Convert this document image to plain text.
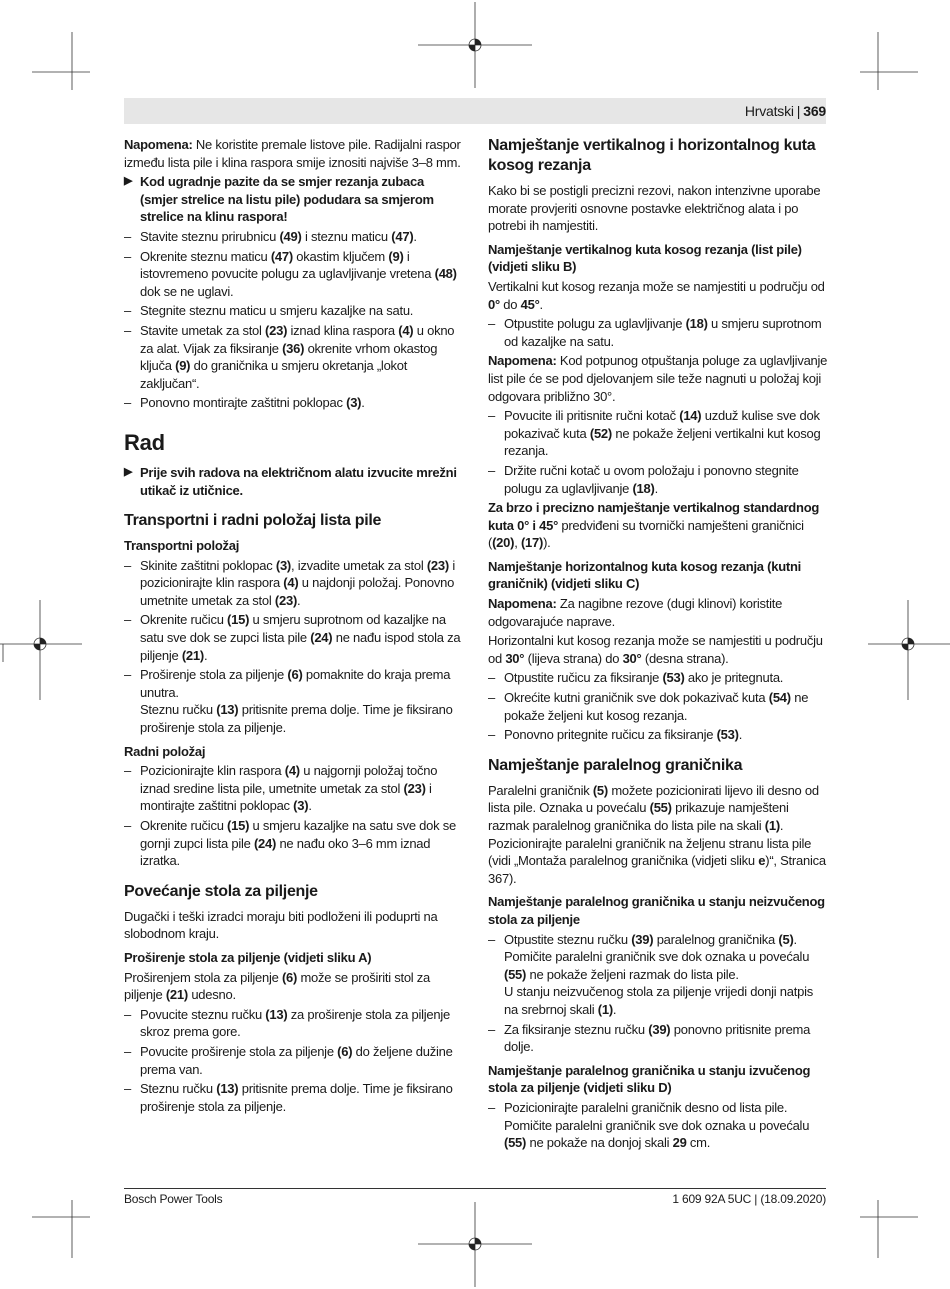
Hrvatski | 369

Napomena: Ne koristite premale listove pile. Radijalni raspor između lista pile i klina raspora smije iznositi najviše 3–8 mm.

▶ Kod ugradnje pazite da se smjer rezanja zubaca (smjer strelice na listu pile) podudara sa smjerom strelice na klinu raspora!
– Stavite steznu prirubnicu (49) i steznu maticu (47).
– Okrenite steznu maticu (47) okastim ključem (9) i istovremeno povucite polugu za uglavljivanje vretena (48) dok se ne uglavi.
– Stegnite steznu maticu u smjeru kazaljke na satu.
– Stavite umetak za stol (23) iznad klina raspora (4) u okno za alat. Vijak za fiksiranje (36) okrenite vrhom okastog ključa (9) do graničnika u smjeru okretanja „lokot zaključan“.
– Ponovno montirajte zaštitni poklopac (3).
Rad
▶ Prije svih radova na električnom alatu izvucite mrežni utikač iz utičnice.
Transportni i radni položaj lista pile
Transportni položaj
– Skinite zaštitni poklopac (3), izvadite umetak za stol (23) i pozicionirajte klin raspora (4) u najdonji položaj. Ponovno umetnite umetak za stol (23).
– Okrenite ručicu (15) u smjeru suprotnom od kazaljke na satu sve dok se zupci lista pile (24) ne nađu ispod stola za piljenje (21).
– Proširenje stola za piljenje (6) pomaknite do kraja prema unutra.
Steznu ručku (13) pritisnite prema dolje. Time je fiksirano proširenje stola za piljenje.
Radni položaj
– Pozicionirajte klin raspora (4) u najgornji položaj točno iznad sredine lista pile, umetnite umetak za stol (23) i montirajte zaštitni poklopac (3).
– Okrenite ručicu (15) u smjeru kazaljke na satu sve dok se gornji zupci lista pile (24) ne nađu oko 3–6 mm iznad izratka.
Povećanje stola za piljenje

Dugački i teški izradci moraju biti podloženi ili poduprti na slobodnom kraju.

Proširenje stola za piljenje (vidjeti sliku A)

Proširenjem stola za piljenje (6) može se proširiti stol za piljenje (21) udesno.

– Povucite steznu ručku (13) za proširenje stola za piljenje skroz prema gore.
– Povucite proširenje stola za piljenje (6) do željene dužine prema van.
– Steznu ručku (13) pritisnite prema dolje. Time je fiksirano proširenje stola za piljenje.
Namještanje vertikalnog i horizontalnog kuta kosog rezanja

Kako bi se postigli precizni rezovi, nakon intenzivne uporabe morate provjeriti osnovne postavke električnog alata i po potrebi ih namjestiti.

Namještanje vertikalnog kuta kosog rezanja (list pile) (vidjeti sliku B)

Vertikalni kut kosog rezanja može se namjestiti u području od 0° do 45°.

– Otpustite polugu za uglavljivanje (18) u smjeru suprotnom od kazaljke na satu.

Napomena: Kod potpunog otpuštanja poluge za uglavljivanje list pile će se pod djelovanjem sile teže nagnuti u položaj koji odgovara približno 30°.

– Povucite ili pritisnite ručni kotač (14) uzduž kulise sve dok pokazivač kuta (52) ne pokaže željeni vertikalni kut kosog rezanja.
– Držite ručni kotač u ovom položaju i ponovno stegnite polugu za uglavljivanje (18).

Za brzo i precizno namještanje vertikalnog standardnog kuta 0° i 45° predviđeni su tvornički namješteni graničnici ((20), (17)).

Namještanje horizontalnog kuta kosog rezanja (kutni graničnik) (vidjeti sliku C)

Napomena: Za nagibne rezove (dugi klinovi) koristite odgovarajuće naprave.

Horizontalni kut kosog rezanja može se namjestiti u području od 30° (lijeva strana) do 30° (desna strana).

– Otpustite ručicu za fiksiranje (53) ako je pritegnuta.
– Okrećite kutni graničnik sve dok pokazivač kuta (54) ne pokaže željeni kut kosog rezanja.
– Ponovno pritegnite ručicu za fiksiranje (53).
Namještanje paralelnog graničnika

Paralelni graničnik (5) možete pozicionirati lijevo ili desno od lista pile. Oznaka u povećalu (55) prikazuje namješteni razmak paralelnog graničnika do lista pile na skali (1). Pozicionirajte paralelni graničnik na željenu stranu lista pile (vidi „Montaža paralelnog graničnika (vidjeti sliku e)“, Stranica 367).

Namještanje paralelnog graničnika u stanju neizvučenog stola za piljenje
– Otpustite steznu ručku (39) paralelnog graničnika (5). Pomičite paralelni graničnik sve dok oznaka u povećalu (55) ne pokaže željeni razmak do lista pile.
U stanju neizvučenog stola za piljenje vrijedi donji natpis na srebrnoj skali (1).
– Za fiksiranje steznu ručku (39) ponovno pritisnite prema dolje.
Namještanje paralelnog graničnika u stanju izvučenog stola za piljenje (vidjeti sliku D)
– Pozicionirajte paralelni graničnik desno od lista pile. Pomičite paralelni graničnik sve dok oznaka u povećalu (55) ne pokaže na donjoj skali 29 cm.
Bosch Power Tools	1 609 92A 5UC | (18.09.2020)
